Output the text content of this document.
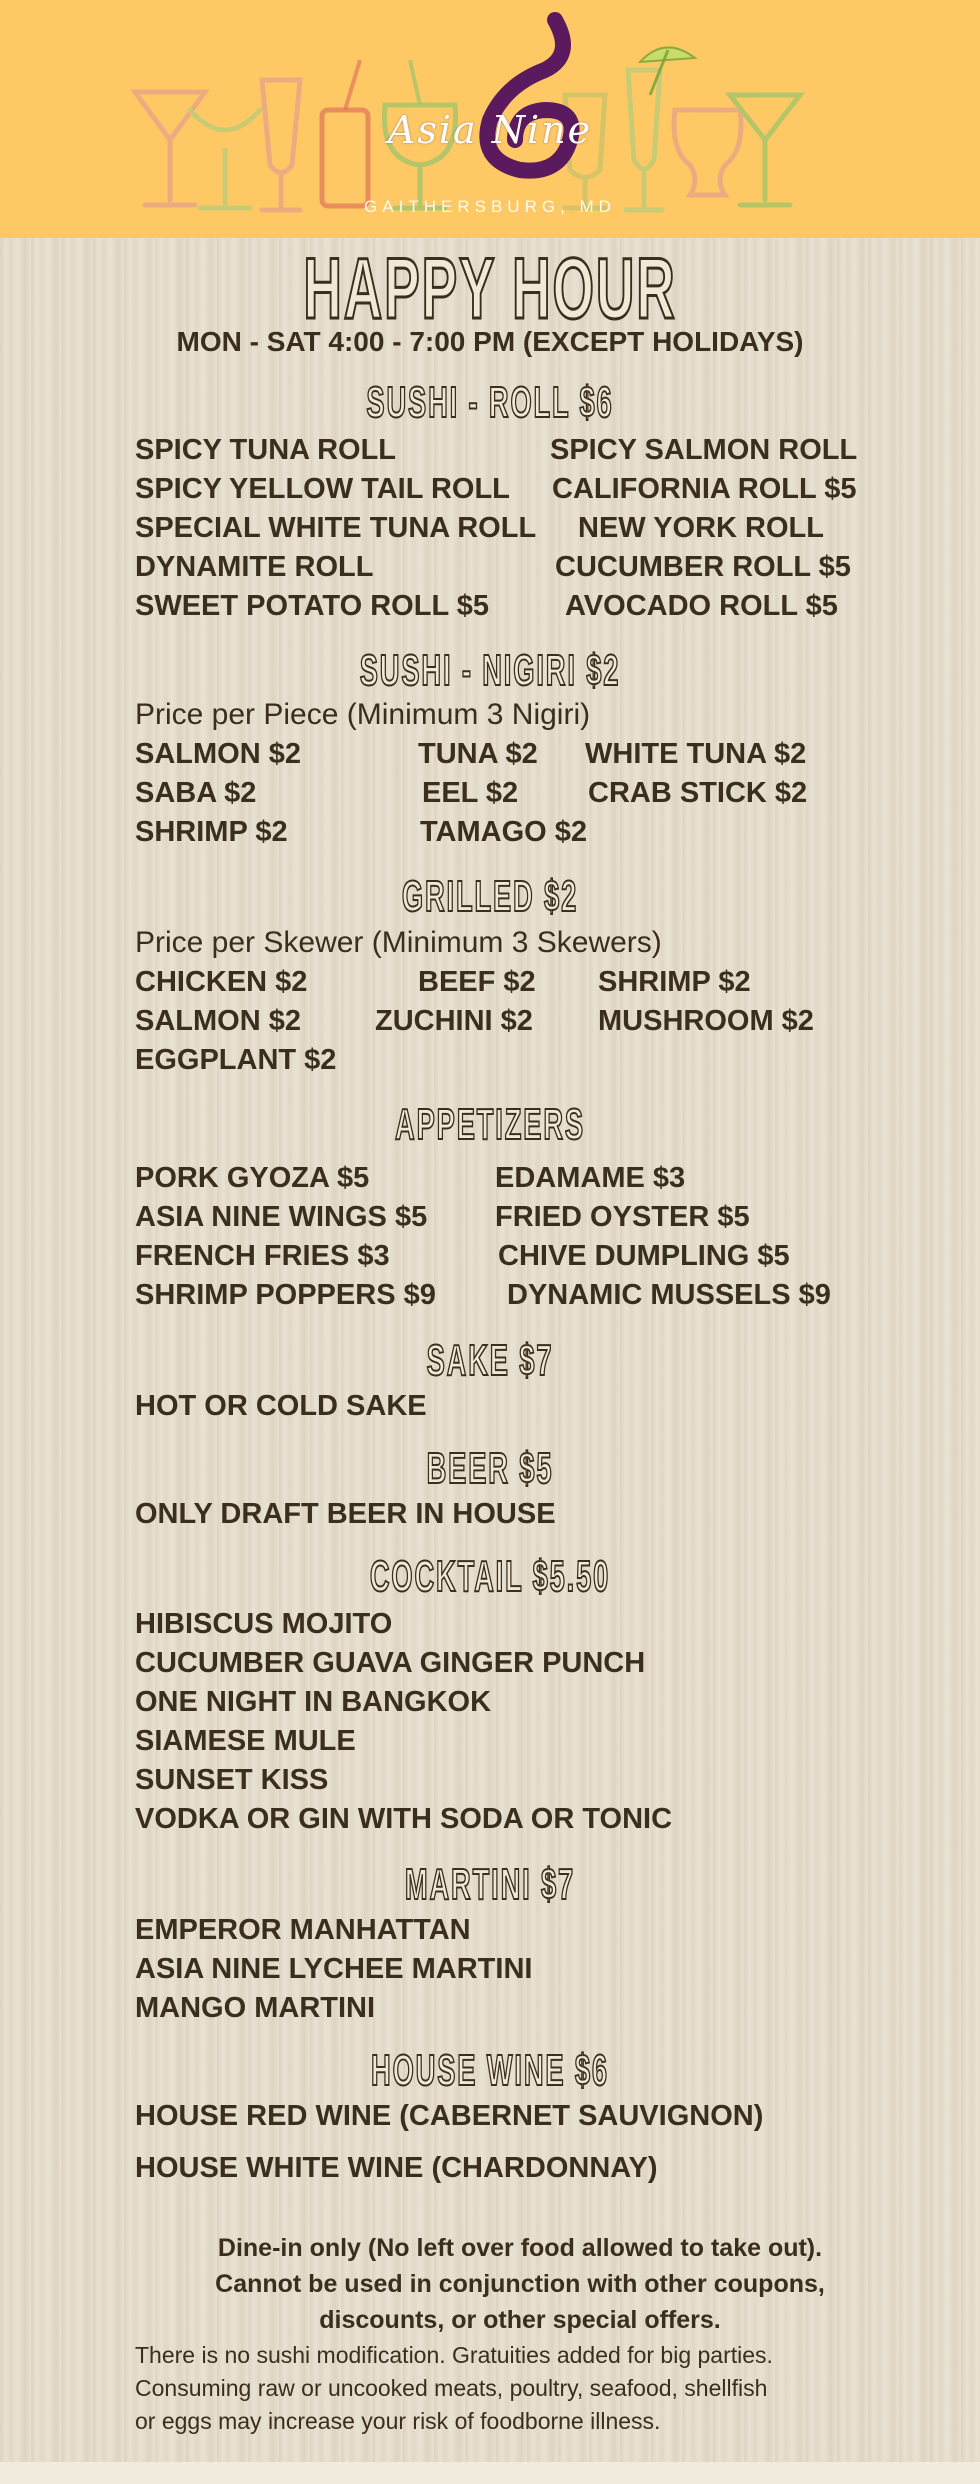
Asia Nine
GAITHERSBURG, MD
HAPPY HOUR
MON - SAT 4:00 - 7:00 PM (EXCEPT HOLIDAYS)
SUSHI - ROLL $6
SPICY TUNA ROLL	SPICY SALMON ROLL
SPICY YELLOW TAIL ROLL CALIFORNIA ROLL $5
SPECIAL WHITE TUNA ROLL NEW YORK ROLL
DYNAMITE ROLL	CUCUMBER ROLL $5
SWEET POTATO ROLL $5	AVOCADO ROLL $5
SUSHI - NIGIRI $2
Price per Piece (Minimum 3 Nigiri)
SALMON $2	TUNA $2 WHITE TUNA $2
SABA $2	EEL $2 CRAB STICK $2
SHRIMP $2	TAMAGO $2
GRILLED $2
Price per Skewer (Minimum 3 Skewers)
CHICKEN $2	BEEF $2 SHRIMP $2
SALMON $2	ZUCHINI $2 MUSHROOM $2
EGGPLANT $2
APPETIZERS
PORK GYOZA $5	EDAMAME $3
ASIA NINE WINGS $5 FRIED OYSTER $5
FRENCH FRIES $3	CHIVE DUMPLING $5
SHRIMP POPPERS $9 DYNAMIC MUSSELS $9
SAKE $7
HOT OR COLD SAKE
BEER $5
ONLY DRAFT BEER IN HOUSE
COCKTAIL $5.50
HIBISCUS MOJITO
CUCUMBER GUAVA GINGER PUNCH
ONE NIGHT IN BANGKOK
SIAMESE MULE
SUNSET KISS
VODKA OR GIN WITH SODA OR TONIC
MARTINI $7
EMPEROR MANHATTAN
ASIA NINE LYCHEE MARTINI
MANGO MARTINI
HOUSE WINE $6
HOUSE RED WINE (CABERNET SAUVIGNON)
HOUSE WHITE WINE (CHARDONNAY)
Dine-in only (No left over food allowed to take out).
Cannot be used in conjunction with other coupons,
discounts, or other special offers.
There is no sushi modification. Gratuities added for big parties.
Consuming raw or uncooked meats, poultry, seafood, shellfish
or eggs may increase your risk of foodborne illness.
